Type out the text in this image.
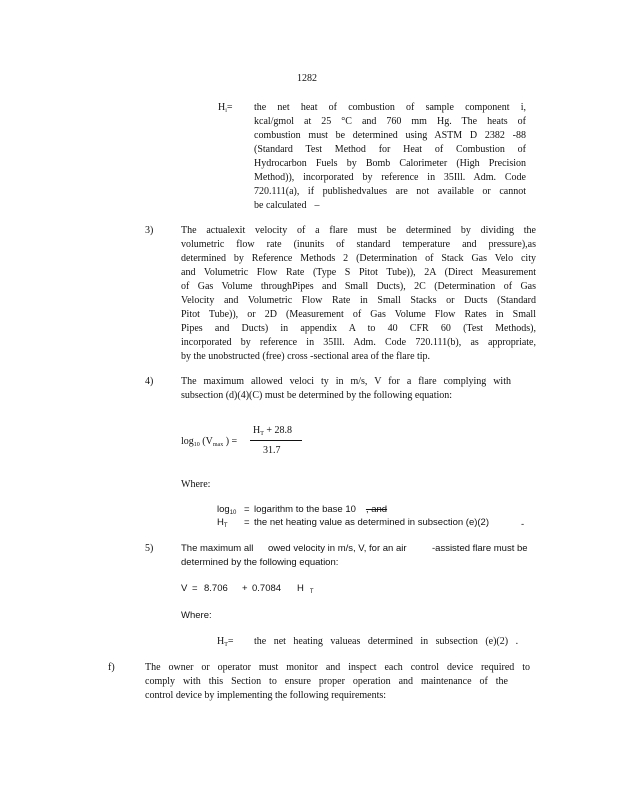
1282
$H_i=$ the net heat of combustion of sample component i,
kcal/gmol at 25 °C and 760 mm Hg. The heats of
combustion must be determined using ASTM D 2382 -88
(Standard Test Method for Heat of Combustion of
Hydrocarbon Fuels by Bomb Calorimeter (High Precision
Method)), incorporated by reference in 35Ill. Adm. Code
720.111(a), if publishedvalues are not available or cannot
be calculated –
3)	The actualexit velocity of a flare must be determined by dividing the
volumetric flow rate (inunits of standard temperature and pressure),as
determined by Reference Methods 2 (Determination of Stack Gas Velo city
and Volumetric Flow Rate (Type S Pitot Tube)), 2A (Direct Measurement
of Gas Volume throughPipes and Small Ducts), 2C (Determination of Gas
Velocity and Volumetric Flow Rate in Small Stacks or Ducts (Standard
Pitot Tube)), or 2D (Measurement of Gas Volume Flow Rates in Small
Pipes and Ducts) in appendix A to 40 CFR 60 (Test Methods),
incorporated by reference in 35Ill. Adm. Code 720.111(b), as appropriate,
by the unobstructed (free) cross -sectional area of the flare tip.
4)	The maximum allowed veloci ty in m/s, V for a flare complying with
subsection (d)(4)(C) must be determined by the following equation:
$\log_{10} (V_{max}$ ) =
$H_T + 28.8$
31.7
Where:
$\log_{10}$ = logarithm to the base 10 , and
$H_T$ = the net heating value as determined in subsection (e)(2)	-
5)	The maximum all owed velocity in m/s, V, for an air	-assisted flare must be
determined by the following equation:
V = 8.706 + 0.7084 H $_T$
Where:
$H_T=$ the net heating valueas determined in subsection (e)(2) .
f)	The owner or operator must monitor and inspect each control device required to
comply with this Section to ensure proper operation and maintenance of the
control device by implementing the following requirements:
